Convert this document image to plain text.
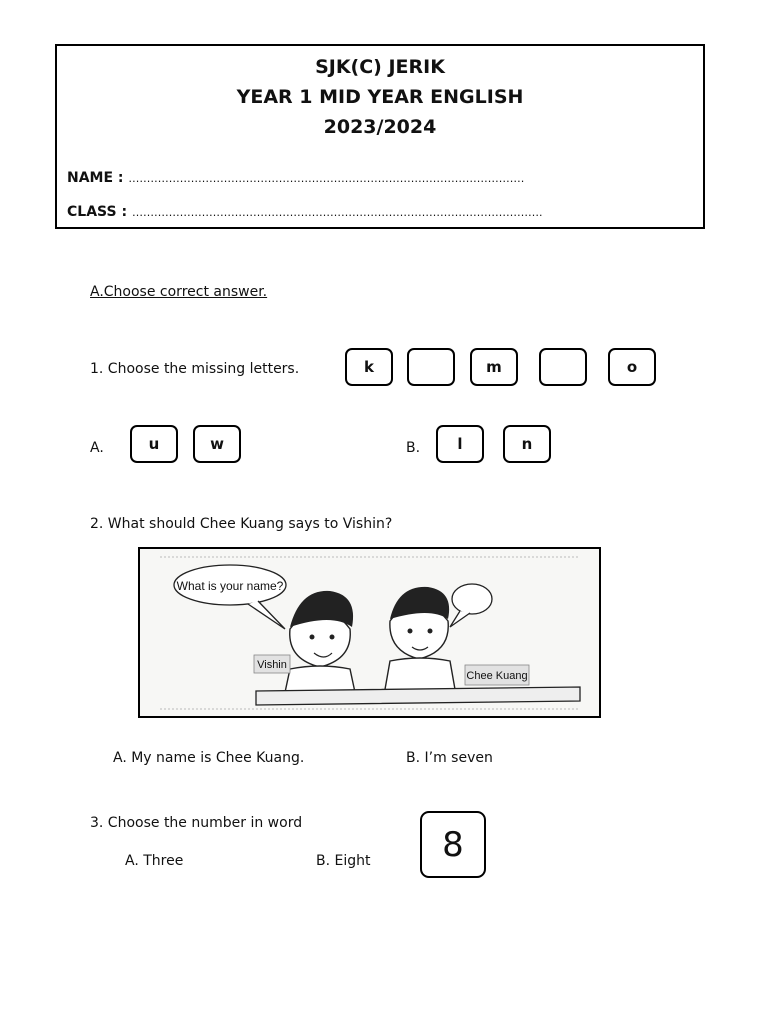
SJK(C) JERIK
YEAR 1 MID YEAR ENGLISH
2023/2024
NAME : ………………………………………………………………………………………………
CLASS : ………………………………………………………………………………………………….
A.Choose correct answer.
1. Choose the missing letters.	k	m	o
A.	u	w	B.	l	n
2. What should Chee Kuang says to Vishin?
What is your name?
Vishin
Chee Kuang
A. My name is Chee Kuang.	B. I’m seven
3. Choose the number in word
A. Three	B. Eight	8
